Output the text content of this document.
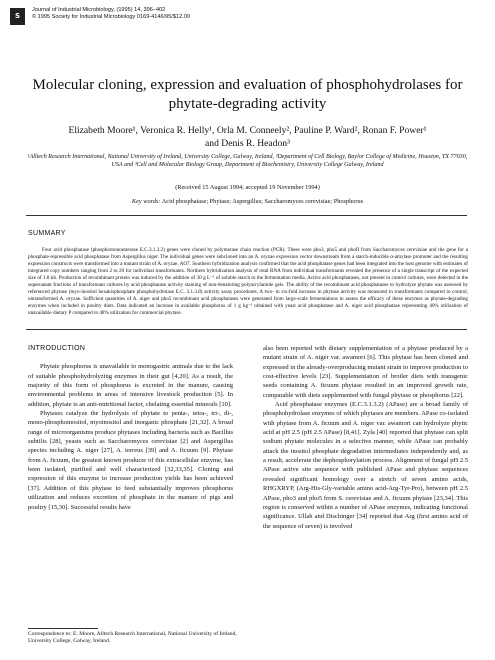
S
Journal of Industrial Microbiology, (1995) 14, 396–402
© 1995 Society for Industrial Microbiology 0169-4146/95/$12.00
Molecular cloning, expression and evaluation of phosphohydrolases for phytate-degrading activity
Elizabeth Moore¹, Veronica R. Helly¹, Orla M. Conneely², Pauline P. Ward², Ronan F. Power¹
and Denis R. Headon³
¹Alltech Research International, National University of Ireland, University College, Galway, Ireland, ²Department of Cell Biology, Baylor College of Medicine, Houston, TX 77030, USA and ³Cell and Molecular Biology Group, Department of Biochemistry, University College Galway, Ireland
(Received 15 August 1994; accepted 19 November 1994)
Key words: Acid phosphatase; Phytase; Aspergillus; Saccharomyces cerevisiae; Phosphorus
SUMMARY
Four acid phosphatase (phosphomonoesterase E.C.3.1.3.2) genes were cloned by polymerase chain reaction (PCR). These were pho3, pho5 and phoII from Saccharomyces cerevisiae and the gene for a phosphate-repressible acid phosphatase from Aspergillus niger. The individual genes were subcloned into an A. oryzae expression vector downstream from a starch-inducible α-amylase promoter and the resulting expression constructs were transformed into a mutant strain of A. oryzae, AO7. Southern hybridization analysis confirmed that the acid phosphatase genes had been integrated into the host genome with estimates of integrated copy numbers ranging from 2 to 20 for individual transformants. Northern hybridization analysis of total RNA from individual transformants revealed the presence of a single transcript of the expected size of 1.8 kb. Production of recombinant protein was induced by the addition of 30 g L⁻¹ of soluble starch to the fermentation media. Active acid phosphatases, not present in control cultures, were detected in the supernatant fractions of transformant cultures by acid phosphatase activity staining of non-denaturing polyacrylamide gels. The ability of the recombinant acid phosphatases to hydrolyze phytate was assessed by referenced phytase (myo-inositol hexakisphosphate phosphohydrolase E.C. 3.1.3.8) activity assay procedures. A two- to six-fold increase in phytase activity was measured in transformants compared to control, untransformed A. oryzae. Sufficient quantities of A. niger and pho5 recombinant acid phosphatases were generated from large-scale fermentations to assess the efficacy of these enzymes as phytate-degrading enzymes when included in poultry diets. Data indicated an increase in available phosphorus of 1 g kg⁻¹ obtained with yeast acid phosphatase and A. niger acid phosphatase representing 40% utilization of unavailable dietary P compared to 48% utilization for commercial phytase.
INTRODUCTION

Phytate phosphorus is unavailable to monogastric animals due to the lack of suitable phosphohydrolyzing enzymes in their gut [4,20]. As a result, the majority of this form of phosphorus is excreted in the manure, causing environmental problems in areas of intensive livestock production [5]. In addition, phytate is an anti-nutritional factor, chelating essential minerals [10].

Phytases catalyze the hydrolysis of phytate to penta-, tetra-, tri-, di-, mono-phosphoinositol, myoinositol and inorganic phosphate [21,32]. A broad range of microorganisms produce phytases including bacteria such as Bacillus subtilis [28], yeasts such as Saccharomyces cerevisiae [2] and Aspergillus species including A. niger [27], A. terreus [39] and A. ficuum [9]. Phytase from A. ficuum, the greatest known producer of this extracellular enzyme, has been isolated, purified and well characterized [32,33,35]. Cloning and expression of this enzyme to increase production yields has been achieved [37]. Addition of this phytase to feed substantially improves phosphorus utilization and reduces excretion of phosphate in the manure of pigs and poultry [15,30]. Successful results have

also been reported with dietary supplementation of a phytase produced by a mutant strain of A. niger var. awamori [6]. This phytase has been cloned and expressed in the already-overproducing mutant strain to improve production to cost-effective levels [23]. Supplementation of broiler diets with transgenic seeds containing A. ficuum phytase resulted in an improved growth rate, comparable with diets supplemented with fungal phytase or phosphorus [22].

Acid phosphatase enzymes (E.C.3.1.3.2) (APase) are a broad family of phosphohydrolase enzymes of which phytases are members. APase co-isolated with phytase from A. ficuum and A. niger var. awamori can hydrolyze phytic acid at pH 2.5 (pH 2.5 APase) [8,41]. Zyla [40] reported that phytase can split sodium phytate molecules in a selective manner, while APase can probably attack the inositol phosphate degradation intermediates independently and, as a result, accelerate the dephosphorylation process. Alignment of fungal pH 2.5 APase active site sequence with published APase and phytase sequences revealed significant homology over a stretch of seven amino acids, RHGXRYP, (Arg-His-Gly-variable amino acid-Arg-Tyr-Pro), between pH 2.5 APase, pho3 and pho5 from S. cerevisiae and A. ficuum phytase [23,34]. This region is conserved within a number of APase enzymes, indicating functional significance. Ullah and Dischinger [34] reported that Arg (first amino acid of the sequence of seven) is involved

Correspondence to: E. Moore, Alltech Research International, National University of Ireland, University College, Galway, Ireland.
